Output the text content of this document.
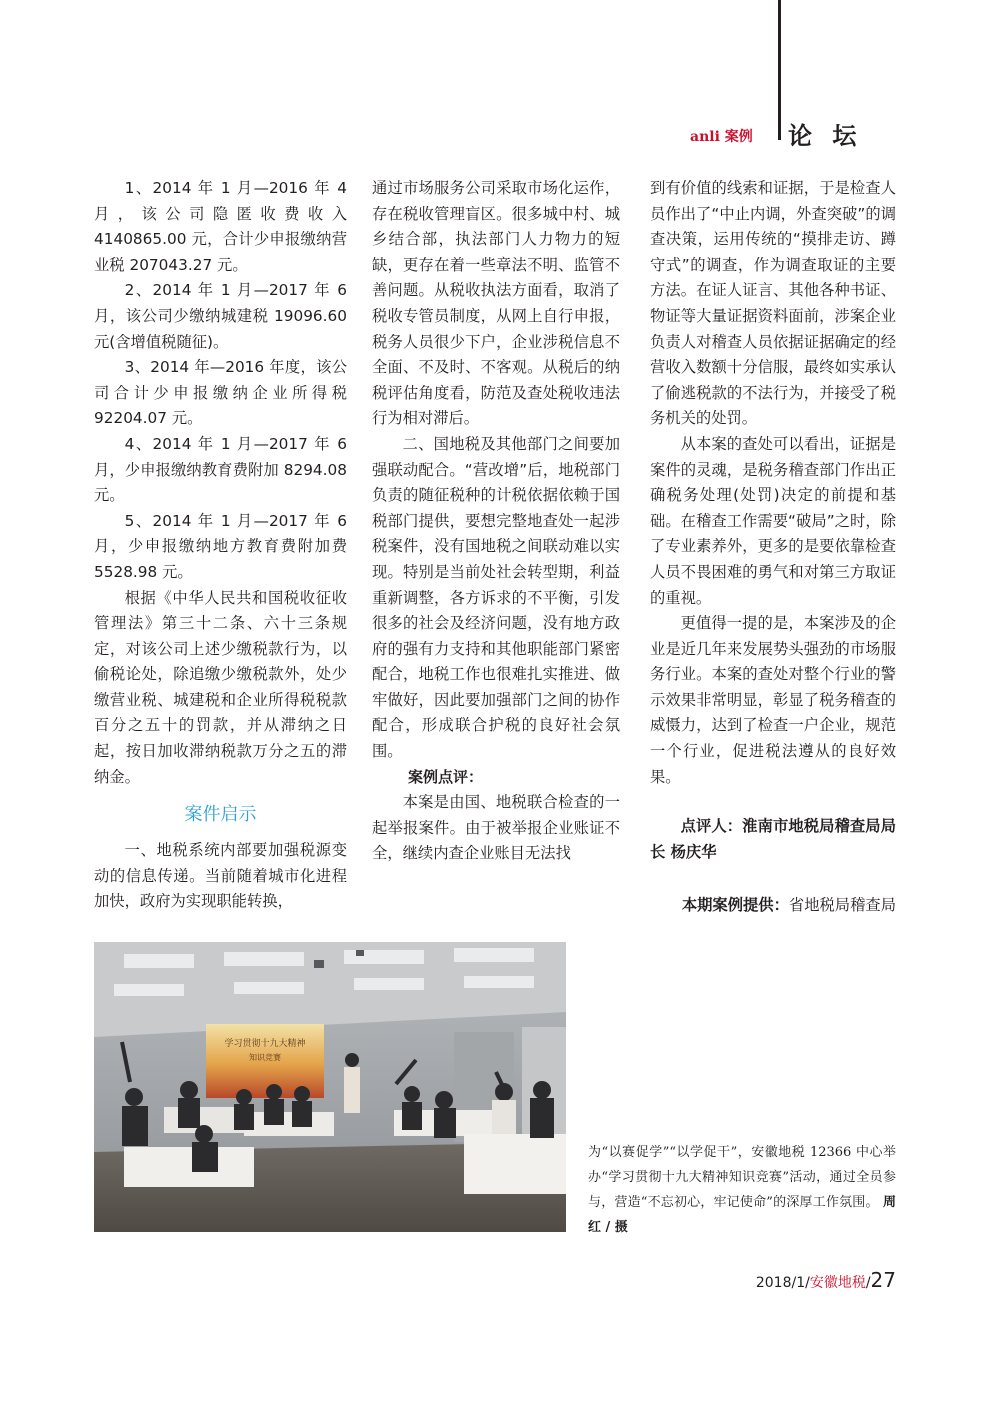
anli 案例 论 坛

1、2014 年 1 月—2016 年 4 月，该公司隐匿收费收入 4140865.00 元，合计少申报缴纳营业税 207043.27 元。

2、2014 年 1 月—2017 年 6 月，该公司少缴纳城建税 19096.60 元(含增值税随征)。

3、2014 年—2016 年度，该公司合计少申报缴纳企业所得税 92204.07 元。

4、2014 年 1 月—2017 年 6 月，少申报缴纳教育费附加 8294.08 元。

5、2014 年 1 月—2017 年 6 月，少申报缴纳地方教育费附加费 5528.98 元。

根据《中华人民共和国税收征收管理法》第三十二条、六十三条规定，对该公司上述少缴税款行为，以偷税论处，除追缴少缴税款外，处少缴营业税、城建税和企业所得税税款百分之五十的罚款，并从滞纳之日起，按日加收滞纳税款万分之五的滞纳金。

案件启示

一、地税系统内部要加强税源变动的信息传递。当前随着城市化进程加快，政府为实现职能转换，

通过市场服务公司采取市场化运作，存在税收管理盲区。很多城中村、城乡结合部，执法部门人力物力的短缺，更存在着一些章法不明、监管不善问题。从税收执法方面看，取消了税收专管员制度，从网上自行申报，税务人员很少下户，企业涉税信息不全面、不及时、不客观。从税后的纳税评估角度看，防范及查处税收违法行为相对滞后。

二、国地税及其他部门之间要加强联动配合。“营改增”后，地税部门负责的随征税种的计税依据依赖于国税部门提供，要想完整地查处一起涉税案件，没有国地税之间联动难以实现。特别是当前处社会转型期，利益重新调整，各方诉求的不平衡，引发很多的社会及经济问题，没有地方政府的强有力支持和其他职能部门紧密配合，地税工作也很难扎实推进、做牢做好，因此要加强部门之间的协作配合，形成联合护税的良好社会氛围。

案例点评：

本案是由国、地税联合检查的一起举报案件。由于被举报企业账证不全，继续内查企业账目无法找

到有价值的线索和证据，于是检查人员作出了“中止内调，外查突破”的调查决策，运用传统的“摸排走访、蹲守式”的调查，作为调查取证的主要方法。在证人证言、其他各种书证、物证等大量证据资料面前，涉案企业负责人对稽查人员依据证据确定的经营收入数额十分信服，最终如实承认了偷逃税款的不法行为，并接受了税务机关的处罚。

从本案的查处可以看出，证据是案件的灵魂，是税务稽查部门作出正确税务处理(处罚)决定的前提和基础。在稽查工作需要“破局”之时，除了专业素养外，更多的是要依靠检查人员不畏困难的勇气和对第三方取证的重视。

更值得一提的是，本案涉及的企业是近几年来发展势头强劲的市场服务行业。本案的查处对整个行业的警示效果非常明显，彰显了税务稽查的威慑力，达到了检查一户企业，规范一个行业，促进税法遵从的良好效果。

点评人：淮南市地税局稽查局局长 杨庆华

本期案例提供：省地税局稽查局

学习贯彻十九大精神
知识竞赛
为“以赛促学”“以学促干”，安徽地税 12366 中心举办“学习贯彻十九大精神知识竞赛”活动，通过全员参与，营造“不忘初心，牢记使命”的深厚工作氛围。 周红 / 摄
2018/1/安徽地税/27
